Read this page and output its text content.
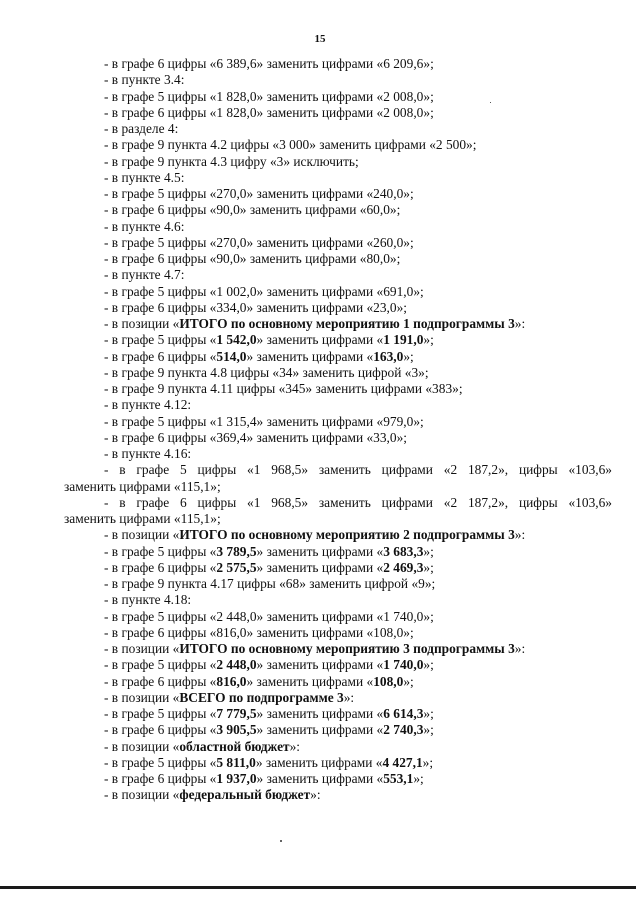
15
- в графе 6 цифры «6 389,6» заменить цифрами «6 209,6»;
- в пункте 3.4:
- в графе 5 цифры «1 828,0» заменить цифрами «2 008,0»;
- в графе 6 цифры «1 828,0» заменить цифрами «2 008,0»;
- в разделе 4:
- в графе 9 пункта 4.2 цифры «3 000» заменить цифрами «2 500»;
- в графе 9 пункта 4.3 цифру «3» исключить;
- в пункте 4.5:
- в графе 5 цифры «270,0» заменить цифрами «240,0»;
- в графе 6 цифры «90,0» заменить цифрами «60,0»;
- в пункте 4.6:
- в графе 5 цифры «270,0» заменить цифрами «260,0»;
- в графе 6 цифры «90,0» заменить цифрами «80,0»;
- в пункте 4.7:
- в графе 5 цифры «1 002,0» заменить цифрами «691,0»;
- в графе 6 цифры «334,0» заменить цифрами «23,0»;
- в позиции «ИТОГО по основному мероприятию 1 подпрограммы 3»:
- в графе 5 цифры «1 542,0» заменить цифрами «1 191,0»;
- в графе 6 цифры «514,0» заменить цифрами «163,0»;
- в графе 9 пункта 4.8 цифры «34» заменить цифрой «3»;
- в графе 9 пункта 4.11 цифры «345» заменить цифрами «383»;
- в пункте 4.12:
- в графе 5 цифры «1 315,4» заменить цифрами «979,0»;
- в графе 6 цифры «369,4» заменить цифрами «33,0»;
- в пункте 4.16:
- в графе 5 цифры «1 968,5» заменить цифрами «2 187,2», цифры «103,6»
заменить цифрами «115,1»;
- в графе 6 цифры «1 968,5» заменить цифрами «2 187,2», цифры «103,6»
заменить цифрами «115,1»;
- в позиции «ИТОГО по основному мероприятию 2 подпрограммы 3»:
- в графе 5 цифры «3 789,5» заменить цифрами «3 683,3»;
- в графе 6 цифры «2 575,5» заменить цифрами «2 469,3»;
- в графе 9 пункта 4.17 цифры «68» заменить цифрой «9»;
- в пункте 4.18:
- в графе 5 цифры «2 448,0» заменить цифрами «1 740,0»;
- в графе 6 цифры «816,0» заменить цифрами «108,0»;
- в позиции «ИТОГО по основному мероприятию 3 подпрограммы 3»:
- в графе 5 цифры «2 448,0» заменить цифрами «1 740,0»;
- в графе 6 цифры «816,0» заменить цифрами «108,0»;
- в позиции «ВСЕГО по подпрограмме 3»:
- в графе 5 цифры «7 779,5» заменить цифрами «6 614,3»;
- в графе 6 цифры «3 905,5» заменить цифрами «2 740,3»;
- в позиции «областной бюджет»:
- в графе 5 цифры «5 811,0» заменить цифрами «4 427,1»;
- в графе 6 цифры «1 937,0» заменить цифрами «553,1»;
- в позиции «федеральный бюджет»:
